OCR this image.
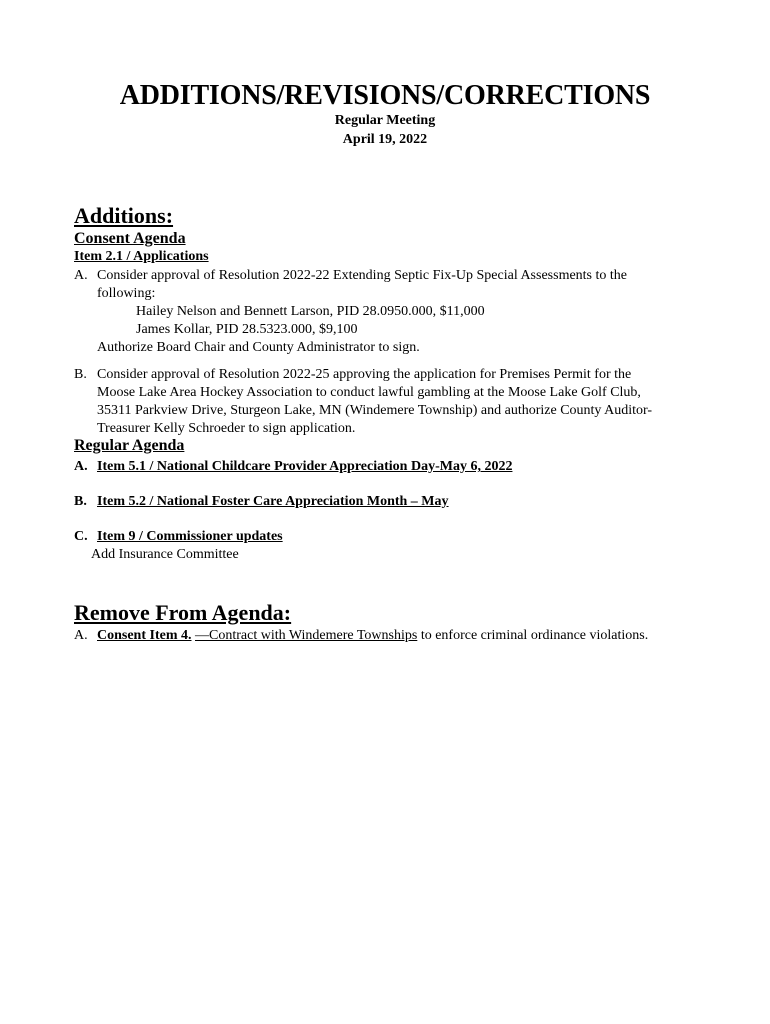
ADDITIONS/REVISIONS/CORRECTIONS
Regular Meeting
April 19, 2022
Additions:
Consent Agenda
Item 2.1 / Applications
A. Consider approval of Resolution 2022-22 Extending Septic Fix-Up Special Assessments to the
following:
Hailey Nelson and Bennett Larson, PID 28.0950.000, $11,000
James Kollar, PID 28.5323.000, $9,100
Authorize Board Chair and County Administrator to sign.
B. Consider approval of Resolution 2022-25 approving the application for Premises Permit for the
Moose Lake Area Hockey Association to conduct lawful gambling at the Moose Lake Golf Club,
35311 Parkview Drive, Sturgeon Lake, MN (Windemere Township) and authorize County Auditor-
Treasurer Kelly Schroeder to sign application.
Regular Agenda
A. Item 5.1 / National Childcare Provider Appreciation Day-May 6, 2022
B. Item 5.2 / National Foster Care Appreciation Month – May
C. Item 9 / Commissioner updates
Add Insurance Committee
Remove From Agenda:
A. Consent Item 4. —Contract with Windemere Townships to enforce criminal ordinance violations.
